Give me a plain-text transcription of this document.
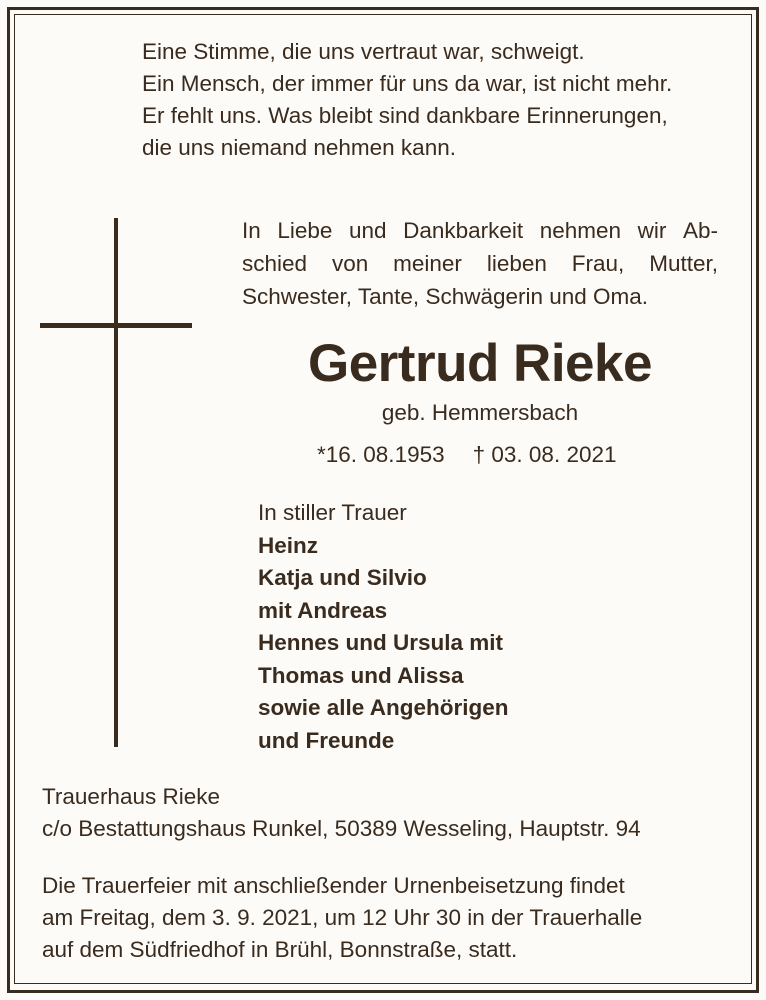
Eine Stimme, die uns vertraut war, schweigt.
Ein Mensch, der immer für uns da war, ist nicht mehr.
Er fehlt uns. Was bleibt sind dankbare Erinnerungen,
die uns niemand nehmen kann.
In Liebe und Dankbarkeit nehmen wir Ab-
schied von meiner lieben Frau, Mutter,
Schwester, Tante, Schwägerin und Oma.
Gertrud Rieke
geb. Hemmersbach
*16. 08.1953 † 03. 08. 2021
In stiller Trauer
Heinz
Katja und Silvio
mit Andreas
Hennes und Ursula mit
Thomas und Alissa
sowie alle Angehörigen
und Freunde
Trauerhaus Rieke
c/o Bestattungshaus Runkel, 50389 Wesseling, Hauptstr. 94
Die Trauerfeier mit anschließender Urnenbeisetzung findet
am Freitag, dem 3. 9. 2021, um 12 Uhr 30 in der Trauerhalle
auf dem Südfriedhof in Brühl, Bonnstraße, statt.
